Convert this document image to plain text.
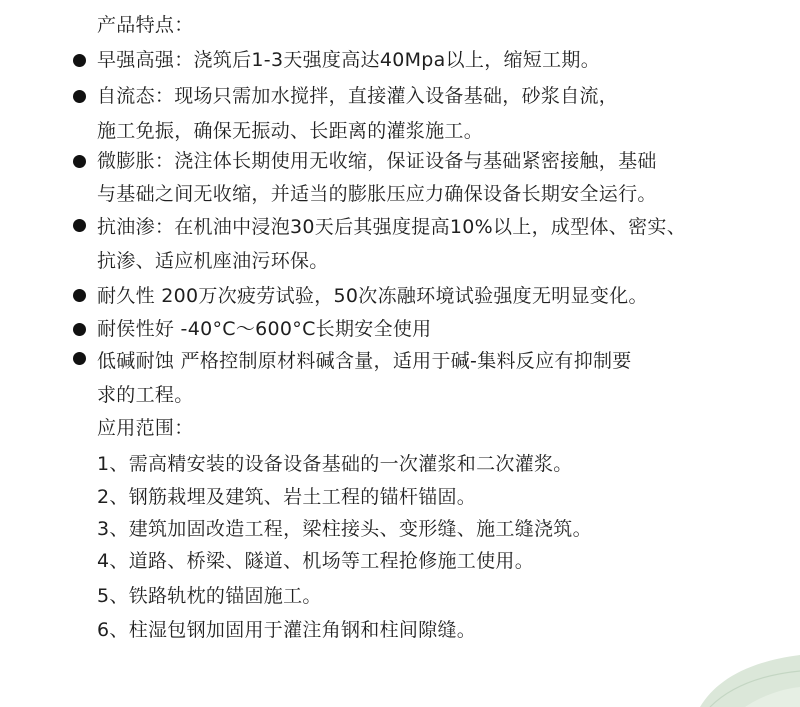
产品特点：
早强高强：浇筑后1-3天强度高达40Mpa以上，缩短工期。
自流态：现场只需加水搅拌，直接灌入设备基础，砂浆自流，
施工免振，确保无振动、长距离的灌浆施工。
微膨胀：浇注体长期使用无收缩，保证设备与基础紧密接触，基础
与基础之间无收缩，并适当的膨胀压应力确保设备长期安全运行。
抗油渗：在机油中浸泡30天后其强度提高10%以上，成型体、密实、
抗渗、适应机座油污环保。
耐久性 200万次疲劳试验，50次冻融环境试验强度无明显变化。
耐侯性好 -40°C～600°C长期安全使用
低碱耐蚀 严格控制原材料碱含量，适用于碱-集料反应有抑制要
求的工程。
应用范围：
1、需高精安装的设备设备基础的一次灌浆和二次灌浆。
2、钢筋栽埋及建筑、岩土工程的锚杆锚固。
3、建筑加固改造工程，梁柱接头、变形缝、施工缝浇筑。
4、道路、桥梁、隧道、机场等工程抢修施工使用。
5、铁路轨枕的锚固施工。
6、柱湿包钢加固用于灌注角钢和柱间隙缝。
